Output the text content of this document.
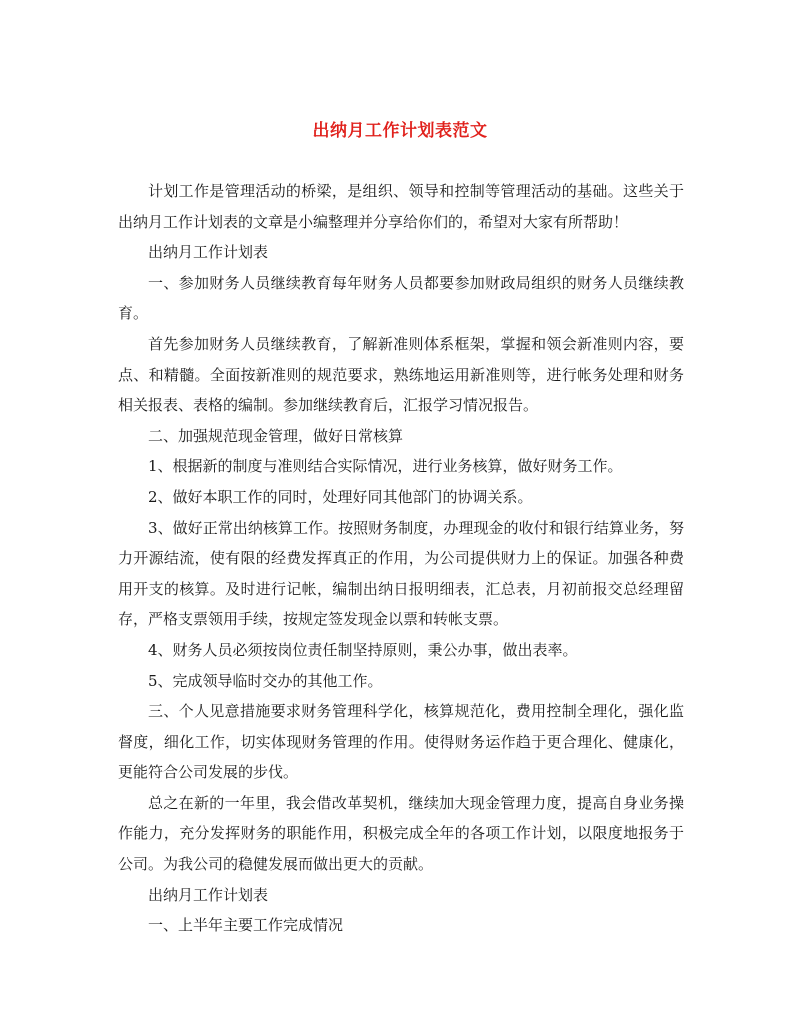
出纳月工作计划表范文

计划工作是管理活动的桥梁，是组织、领导和控制等管理活动的基础。这些关于出纳月工作计划表的文章是小编整理并分享给你们的，希望对大家有所帮助！

出纳月工作计划表

一、参加财务人员继续教育每年财务人员都要参加财政局组织的财务人员继续教育。

首先参加财务人员继续教育，了解新准则体系框架，掌握和领会新准则内容，要点、和精髓。全面按新准则的规范要求，熟练地运用新准则等，进行帐务处理和财务相关报表、表格的编制。参加继续教育后，汇报学习情况报告。

二、加强规范现金管理，做好日常核算

1、根据新的制度与准则结合实际情况，进行业务核算，做好财务工作。

2、做好本职工作的同时，处理好同其他部门的协调关系。

3、做好正常出纳核算工作。按照财务制度，办理现金的收付和银行结算业务，努力开源结流，使有限的经费发挥真正的作用，为公司提供财力上的保证。加强各种费用开支的核算。及时进行记帐，编制出纳日报明细表，汇总表，月初前报交总经理留存，严格支票领用手续，按规定签发现金以票和转帐支票。

4、财务人员必须按岗位责任制坚持原则，秉公办事，做出表率。

5、完成领导临时交办的其他工作。

三、个人见意措施要求财务管理科学化，核算规范化，费用控制全理化，强化监督度，细化工作，切实体现财务管理的作用。使得财务运作趋于更合理化、健康化，更能符合公司发展的步伐。

总之在新的一年里，我会借改革契机，继续加大现金管理力度，提高自身业务操作能力，充分发挥财务的职能作用，积极完成全年的各项工作计划，以限度地报务于公司。为我公司的稳健发展而做出更大的贡献。

出纳月工作计划表

一、上半年主要工作完成情况
